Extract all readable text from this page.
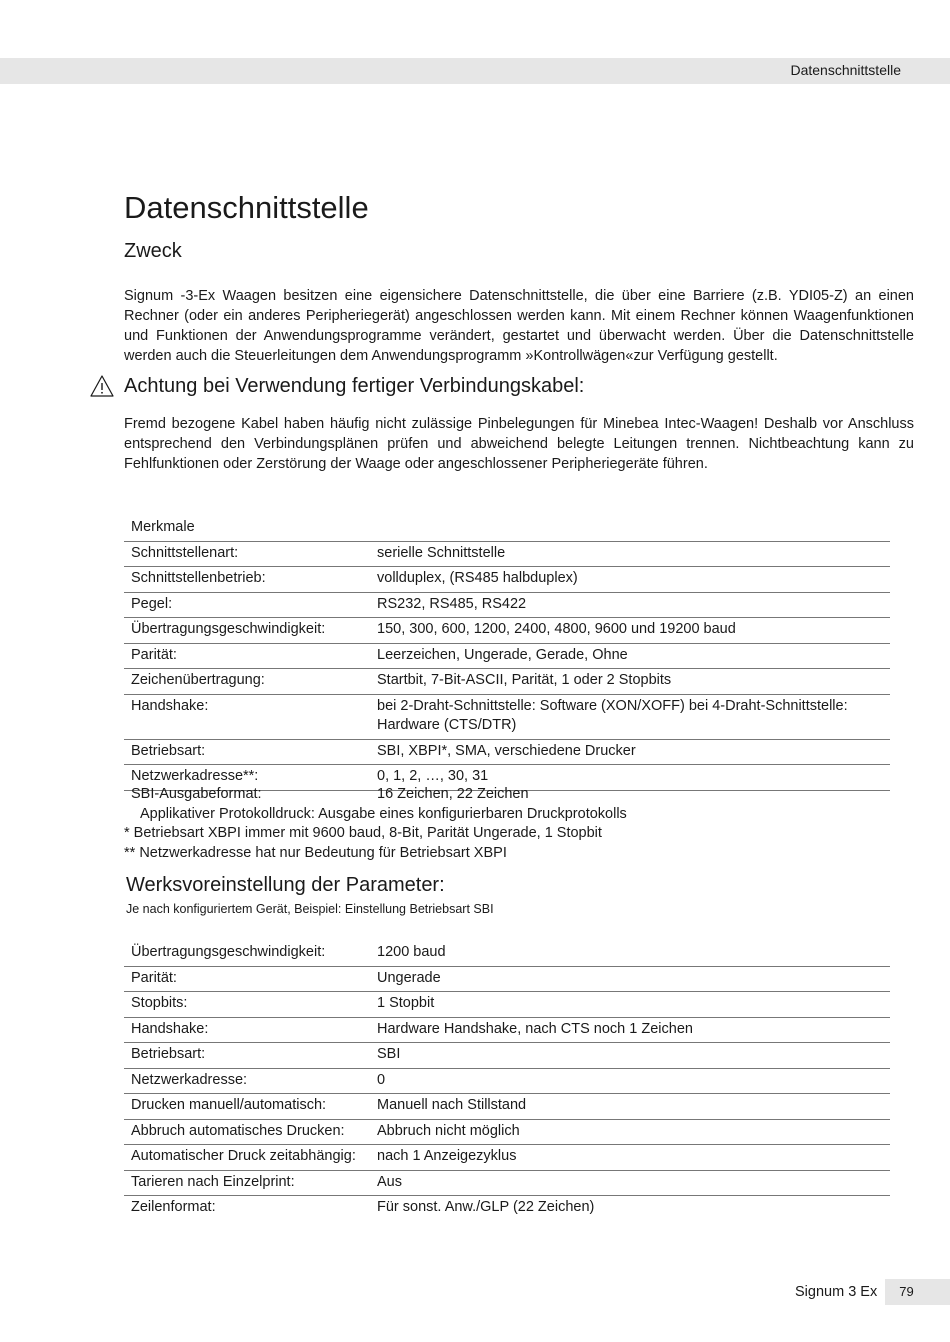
Datenschnittstelle
Datenschnittstelle
Zweck

Signum -3-Ex Waagen besitzen eine eigensichere Datenschnittstelle, die über eine Barriere (z.B. YDI05-Z) an einen Rechner (oder ein anderes Peripheriegerät) angeschlossen werden kann. Mit einem Rechner können Waagenfunktionen und Funktionen der Anwendungsprogramme verändert, gestartet und überwacht werden. Über die Datenschnittstelle werden auch die Steuerleitungen dem Anwendungsprogramm »Kontrollwägen«zur Verfügung gestellt.

Achtung bei Verwendung fertiger Verbindungskabel:

Fremd bezogene Kabel haben häufig nicht zulässige Pinbelegungen für Minebea Intec-Waagen! Deshalb vor Anschluss entsprechend den Verbindungsplänen prüfen und abweichend belegte Leitungen trennen. Nichtbeachtung kann zu Fehlfunktionen oder Zerstörung der Waage oder angeschlossener Peripheriegeräte führen.

Merkmale	
Schnittstellenart:	serielle Schnittstelle
Schnittstellenbetrieb:	vollduplex, (RS485 halbduplex)
Pegel:	RS232, RS485, RS422
Übertragungsgeschwindigkeit:	150, 300, 600, 1200, 2400, 4800, 9600 und 19200 baud
Parität:	Leerzeichen, Ungerade, Gerade, Ohne
Zeichenübertragung:	Startbit, 7-Bit-ASCII, Parität, 1 oder 2 Stopbits
Handshake:	bei 2-Draht-Schnittstelle: Software (XON/XOFF) bei 4-Draht-Schnittstelle: Hardware (CTS/DTR)
Betriebsart:	SBI, XBPI*, SMA, verschiedene Drucker
Netzwerkadresse**:	0, 1, 2, …, 30, 31
SBI-Ausgabeformat:	16 Zeichen, 22 Zeichen
Applikativer Protokolldruck: Ausgabe eines konfigurierbaren Druckprotokolls
* Betriebsart XBPI immer mit 9600 baud, 8-Bit, Parität Ungerade, 1 Stopbit
** Netzwerkadresse hat nur Bedeutung für Betriebsart XBPI
Werksvoreinstellung der Parameter:

Je nach konfiguriertem Gerät, Beispiel: Einstellung Betriebsart SBI

Übertragungsgeschwindigkeit:	1200 baud
Parität:	Ungerade
Stopbits:	1 Stopbit
Handshake:	Hardware Handshake, nach CTS noch 1 Zeichen
Betriebsart:	SBI
Netzwerkadresse:	0
Drucken manuell/automatisch:	Manuell nach Stillstand
Abbruch automatisches Drucken:	Abbruch nicht möglich
Automatischer Druck zeitabhängig:	nach 1 Anzeigezyklus
Tarieren nach Einzelprint:	Aus
Zeilenformat:	Für sonst. Anw./GLP (22 Zeichen)
Signum 3 Ex	79
